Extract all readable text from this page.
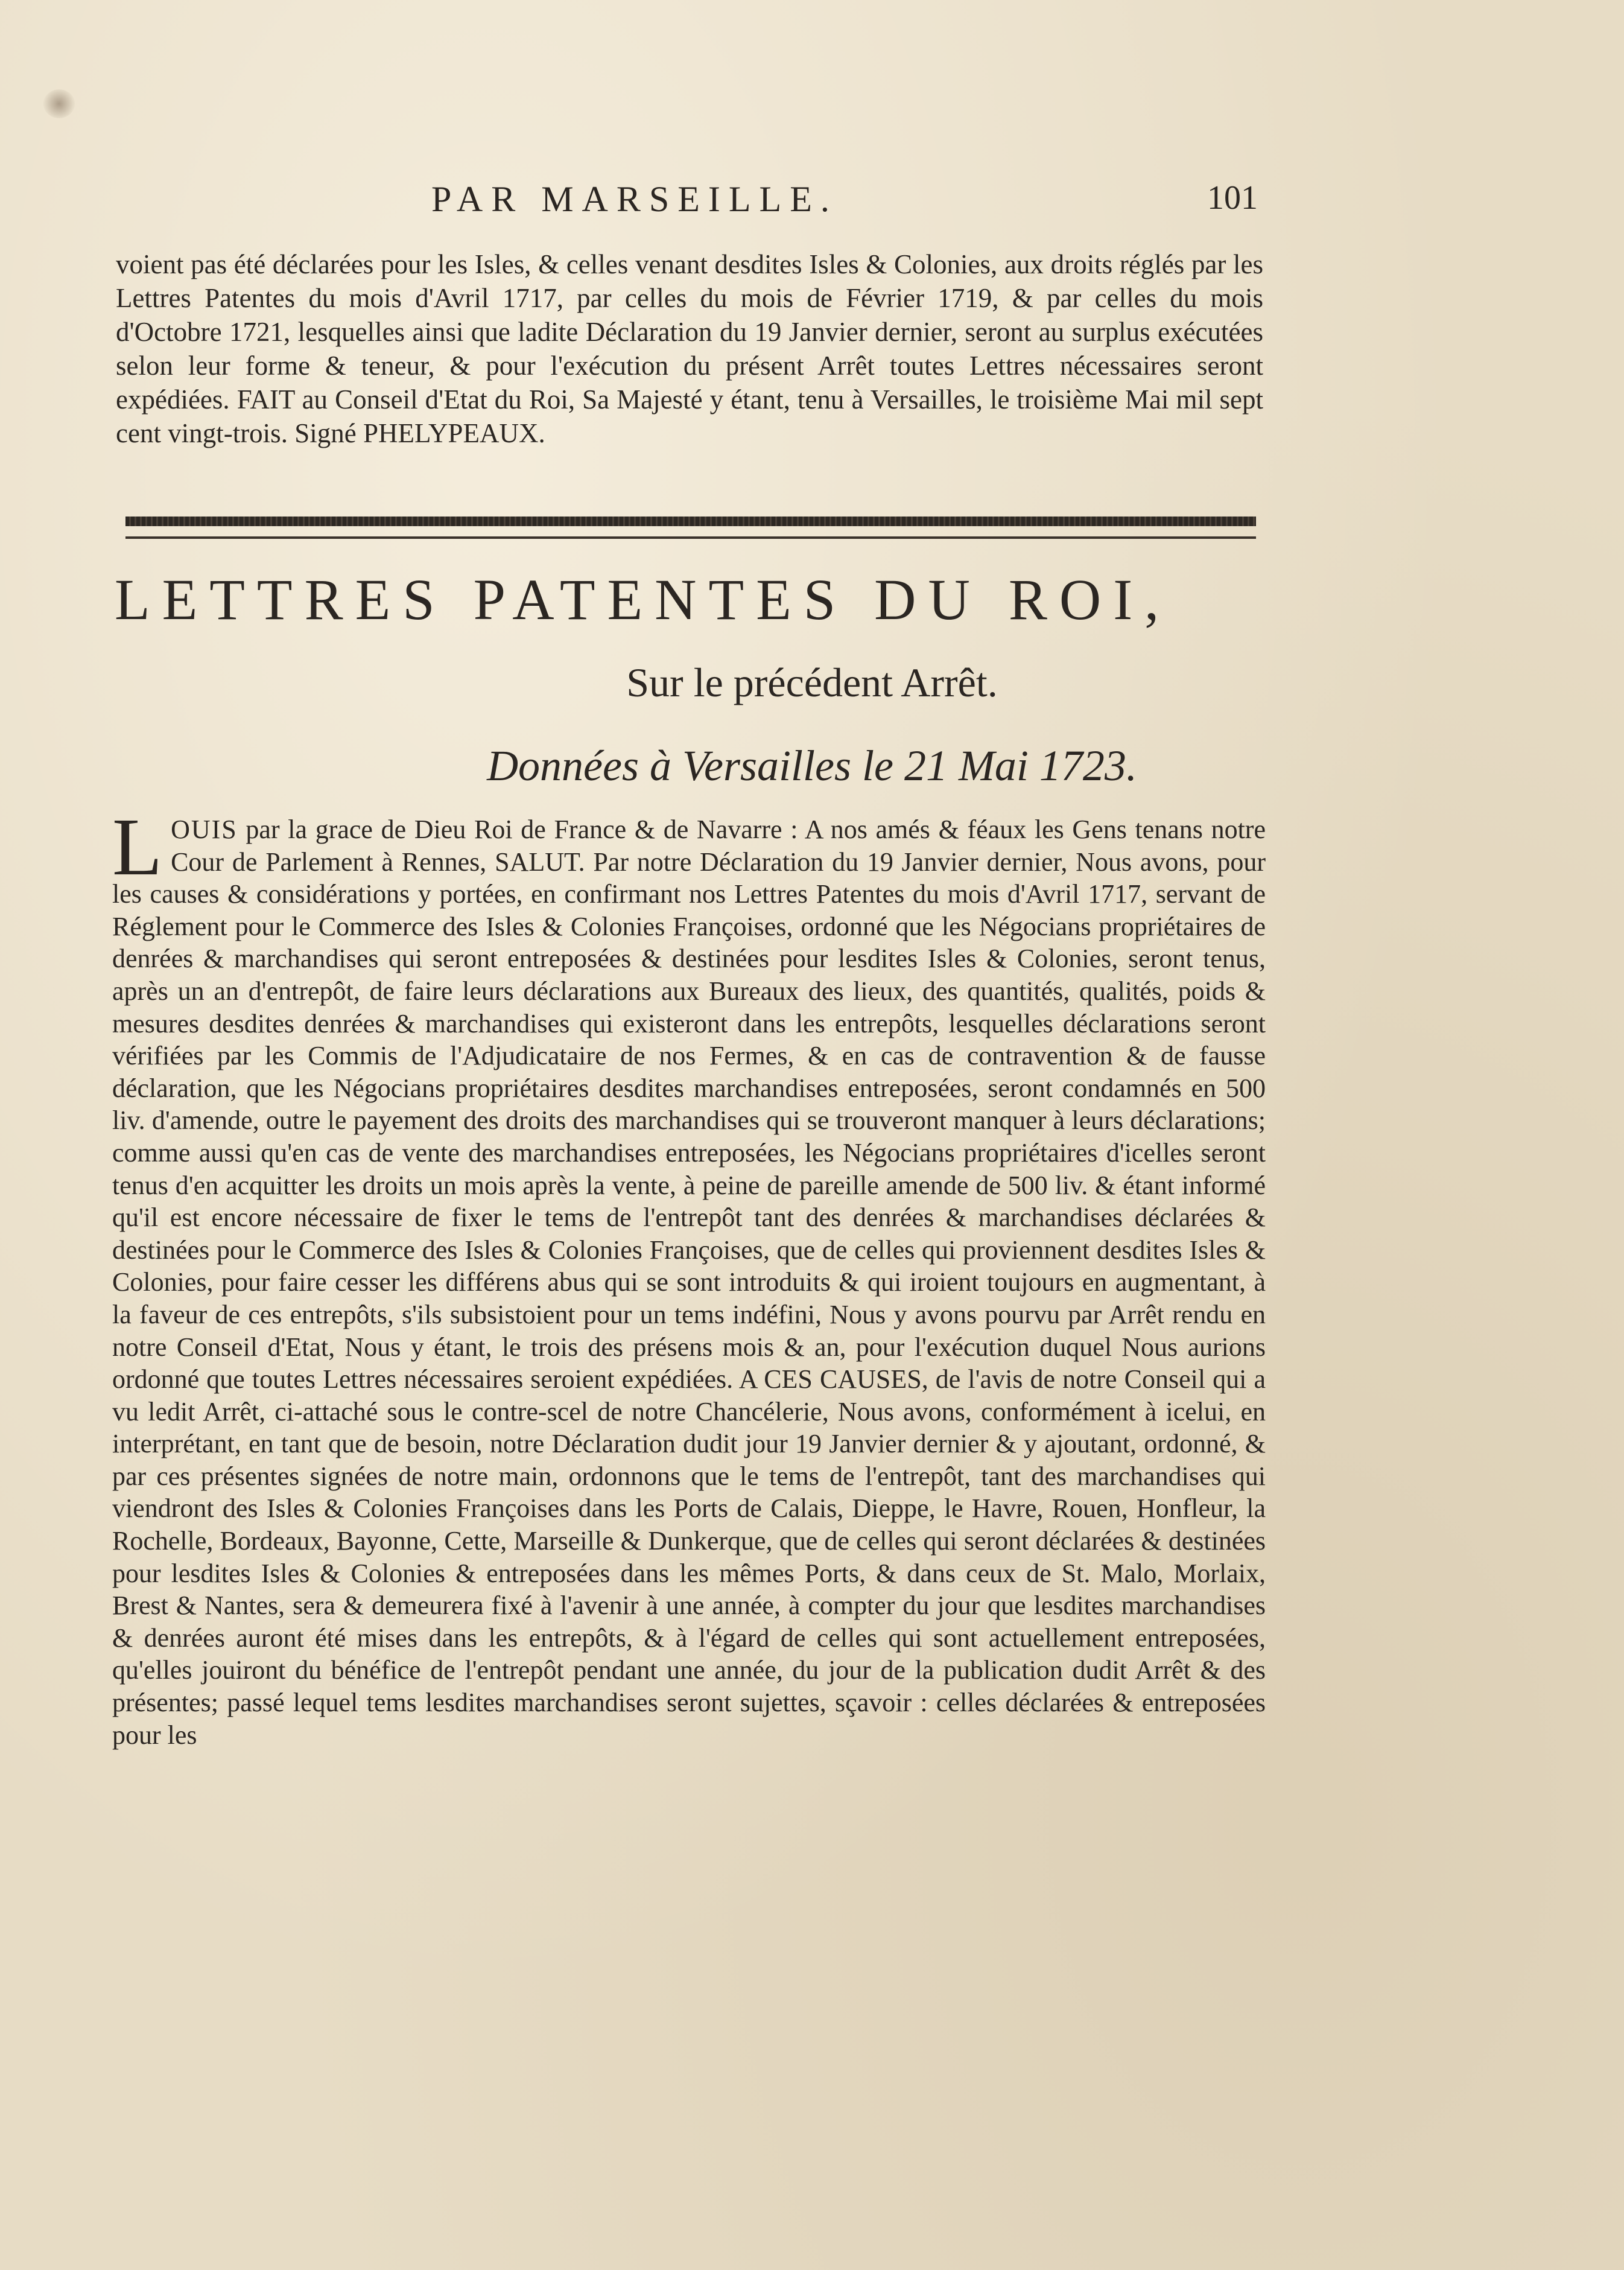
PAR MARSEILLE.	101
voient pas été déclarées pour les Isles, & celles venant desdites Isles & Colonies, aux droits réglés par les Lettres Patentes du mois d'Avril 1717, par celles du mois de Février 1719, & par celles du mois d'Octobre 1721, lesquelles ainsi que ladite Déclaration du 19 Janvier dernier, seront au surplus exécutées selon leur forme & teneur, & pour l'exécution du présent Arrêt toutes Lettres nécessaires seront expédiées. FAIT au Conseil d'Etat du Roi, Sa Majesté y étant, tenu à Versailles, le troisième Mai mil sept cent vingt-trois. Signé PHELYPEAUX.
LETTRES PATENTES DU ROI,
Sur le précédent Arrêt.
Données à Versailles le 21 Mai 1723.
LOUIS par la grace de Dieu Roi de France & de Navarre : A nos amés & féaux les Gens tenans notre Cour de Parlement à Rennes, SALUT. Par notre Déclaration du 19 Janvier dernier, Nous avons, pour les causes & considérations y portées, en confirmant nos Lettres Patentes du mois d'Avril 1717, servant de Réglement pour le Commerce des Isles & Colonies Françoises, ordonné que les Négocians propriétaires de denrées & marchandises qui seront entreposées & destinées pour lesdites Isles & Colonies, seront tenus, après un an d'entrepôt, de faire leurs déclarations aux Bureaux des lieux, des quantités, qualités, poids & mesures desdites denrées & marchandises qui existeront dans les entrepôts, lesquelles déclarations seront vérifiées par les Commis de l'Adjudicataire de nos Fermes, & en cas de contravention & de fausse déclaration, que les Négocians propriétaires desdites marchandises entreposées, seront condamnés en 500 liv. d'amende, outre le payement des droits des marchandises qui se trouveront manquer à leurs déclarations; comme aussi qu'en cas de vente des marchandises entreposées, les Négocians propriétaires d'icelles seront tenus d'en acquitter les droits un mois après la vente, à peine de pareille amende de 500 liv. & étant informé qu'il est encore nécessaire de fixer le tems de l'entrepôt tant des denrées & marchandises déclarées & destinées pour le Commerce des Isles & Colonies Françoises, que de celles qui proviennent desdites Isles & Colonies, pour faire cesser les différens abus qui se sont introduits & qui iroient toujours en augmentant, à la faveur de ces entrepôts, s'ils subsistoient pour un tems indéfini, Nous y avons pourvu par Arrêt rendu en notre Conseil d'Etat, Nous y étant, le trois des présens mois & an, pour l'exécution duquel Nous aurions ordonné que toutes Lettres nécessaires seroient expédiées. A CES CAUSES, de l'avis de notre Conseil qui a vu ledit Arrêt, ci-attaché sous le contre-scel de notre Chancélerie, Nous avons, conformément à icelui, en interprétant, en tant que de besoin, notre Déclaration dudit jour 19 Janvier dernier & y ajoutant, ordonné, & par ces présentes signées de notre main, ordonnons que le tems de l'entrepôt, tant des marchandises qui viendront des Isles & Colonies Françoises dans les Ports de Calais, Dieppe, le Havre, Rouen, Honfleur, la Rochelle, Bordeaux, Bayonne, Cette, Marseille & Dunkerque, que de celles qui seront déclarées & destinées pour lesdites Isles & Colonies & entreposées dans les mêmes Ports, & dans ceux de St. Malo, Morlaix, Brest & Nantes, sera & demeurera fixé à l'avenir à une année, à compter du jour que lesdites marchandises & denrées auront été mises dans les entrepôts, & à l'égard de celles qui sont actuellement entreposées, qu'elles jouiront du bénéfice de l'entrepôt pendant une année, du jour de la publication dudit Arrêt & des présentes; passé lequel tems lesdites marchandises seront sujettes, sçavoir : celles déclarées & entreposées pour les
